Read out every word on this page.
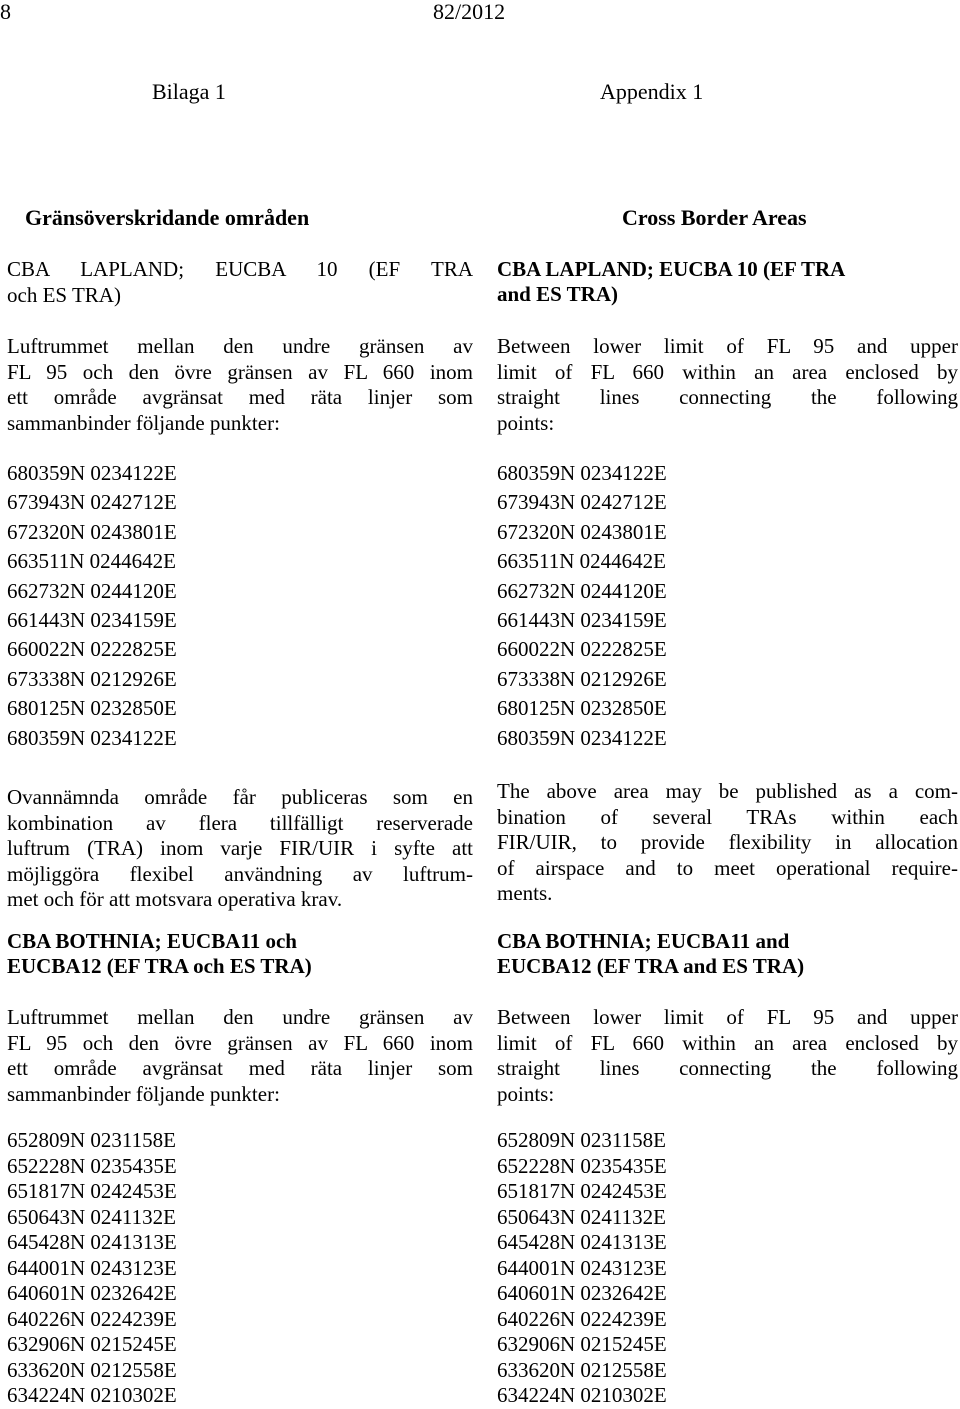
8	82/2012
Bilaga 1	Appendix 1
Gränsöverskridande områden
CBA LAPLAND; EUCBA 10 (EF TRA
och ES TRA)
Luftrummet mellan den undre gränsen av
FL 95 och den övre gränsen av FL 660 inom
ett område avgränsat med räta linjer som
sammanbinder följande punkter:
680359N 0234122E
673943N 0242712E
672320N 0243801E
663511N 0244642E
662732N 0244120E
661443N 0234159E
660022N 0222825E
673338N 0212926E
680125N 0232850E
680359N 0234122E
Ovannämnda område får publiceras som en
kombination av flera tillfälligt reserverade
luftrum (TRA) inom varje FIR/UIR i syfte att
möjliggöra flexibel användning av luftrum-
met och för att motsvara operativa krav.
CBA BOTHNIA; EUCBA11 och
EUCBA12 (EF TRA och ES TRA)
Luftrummet mellan den undre gränsen av
FL 95 och den övre gränsen av FL 660 inom
ett område avgränsat med räta linjer som
sammanbinder följande punkter:
652809N 0231158E
652228N 0235435E
651817N 0242453E
650643N 0241132E
645428N 0241313E
644001N 0243123E
640601N 0232642E
640226N 0224239E
632906N 0215245E
633620N 0212558E
634224N 0210302E
Cross Border Areas
CBA LAPLAND; EUCBA 10 (EF TRA
and ES TRA)
Between lower limit of FL 95 and upper
limit of FL 660 within an area enclosed by
straight lines connecting the following
points:
680359N 0234122E
673943N 0242712E
672320N 0243801E
663511N 0244642E
662732N 0244120E
661443N 0234159E
660022N 0222825E
673338N 0212926E
680125N 0232850E
680359N 0234122E
The above area may be published as a com-
bination of several TRAs within each
FIR/UIR, to provide flexibility in allocation
of airspace and to meet operational require-
ments.
CBA BOTHNIA; EUCBA11 and
EUCBA12 (EF TRA and ES TRA)
Between lower limit of FL 95 and upper
limit of FL 660 within an area enclosed by
straight lines connecting the following
points:
652809N 0231158E
652228N 0235435E
651817N 0242453E
650643N 0241132E
645428N 0241313E
644001N 0243123E
640601N 0232642E
640226N 0224239E
632906N 0215245E
633620N 0212558E
634224N 0210302E
